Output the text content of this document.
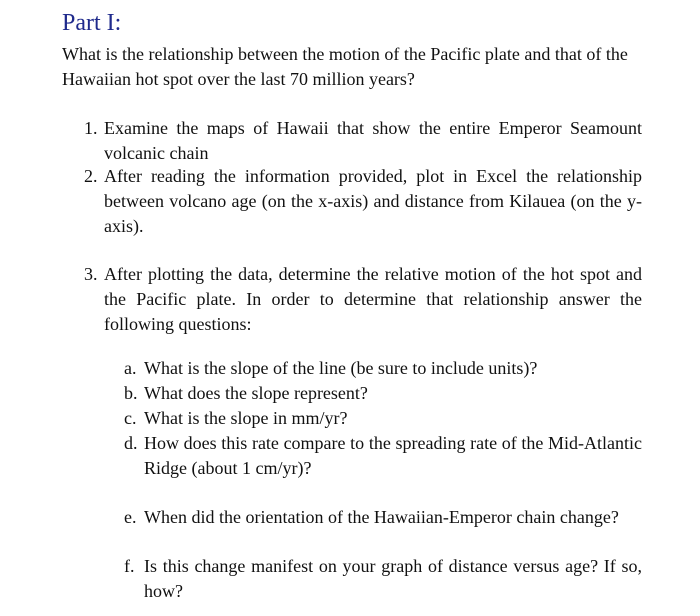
Part I:

What is the relationship between the motion of the Pacific plate and that of the Hawaiian hot spot over the last 70 million years?

1. Examine the maps of Hawaii that show the entire Emperor Seamount volcanic chain
2. After reading the information provided, plot in Excel the relationship between volcano age (on the x-axis) and distance from Kilauea (on the y-axis).
3. After plotting the data, determine the relative motion of the hot spot and the Pacific plate. In order to determine that relationship answer the following questions:
a. What is the slope of the line (be sure to include units)?
b. What does the slope represent?
c. What is the slope in mm/yr?
d. How does this rate compare to the spreading rate of the Mid-Atlantic Ridge (about 1 cm/yr)?
e. When did the orientation of the Hawaiian-Emperor chain change?
f. Is this change manifest on your graph of distance versus age? If so, how?
